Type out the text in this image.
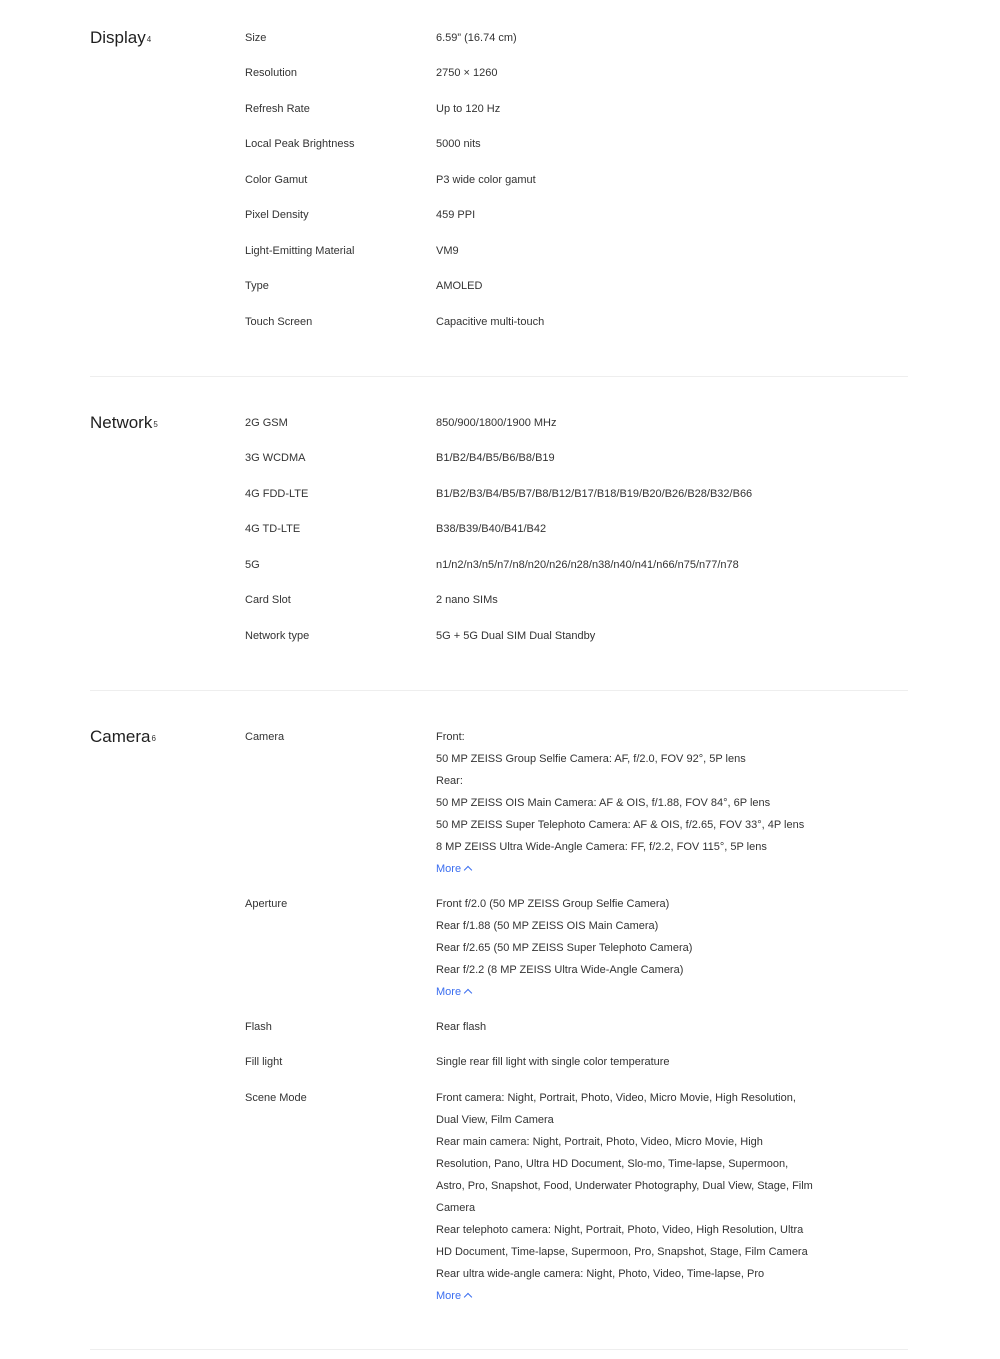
Display$^4$	Size	6.59” (16.74 cm)
Resolution	2750 × 1260
Refresh Rate	Up to 120 Hz
Local Peak Brightness	5000 nits
Color Gamut	P3 wide color gamut
Pixel Density	459 PPI
Light-Emitting Material	VM9
Type	AMOLED
Touch Screen	Capacitive multi-touch
Network$^5$	2G GSM	850/900/1800/1900 MHz
3G WCDMA	B1/B2/B4/B5/B6/B8/B19
4G FDD-LTE	B1/B2/B3/B4/B5/B7/B8/B12/B17/B18/B19/B20/B26/B28/B32/B66
4G TD-LTE	B38/B39/B40/B41/B42
5G	n1/n2/n3/n5/n7/n8/n20/n26/n28/n38/n40/n41/n66/n75/n77/n78
Card Slot	2 nano SIMs
Network type	5G + 5G Dual SIM Dual Standby
Camera$^6$	Camera	Front:
50 MP ZEISS Group Selfie Camera: AF, f/2.0, FOV 92°, 5P lens
Rear:
50 MP ZEISS OIS Main Camera: AF & OIS, f/1.88, FOV 84°, 6P lens
50 MP ZEISS Super Telephoto Camera: AF & OIS, f/2.65, FOV 33°, 4P lens
8 MP ZEISS Ultra Wide-Angle Camera: FF, f/2.2, FOV 115°, 5P lens
More
Aperture	Front f/2.0 (50 MP ZEISS Group Selfie Camera)
Rear f/1.88 (50 MP ZEISS OIS Main Camera)
Rear f/2.65 (50 MP ZEISS Super Telephoto Camera)
Rear f/2.2 (8 MP ZEISS Ultra Wide-Angle Camera)
More
Flash	Rear flash
Fill light	Single rear fill light with single color temperature
Scene Mode	Front camera: Night, Portrait, Photo, Video, Micro Movie, High Resolution, Dual View, Film Camera
Rear main camera: Night, Portrait, Photo, Video, Micro Movie, High Resolution, Pano, Ultra HD Document, Slo-mo, Time-lapse, Supermoon, Astro, Pro, Snapshot, Food, Underwater Photography, Dual View, Stage, Film Camera
Rear telephoto camera: Night, Portrait, Photo, Video, High Resolution, Ultra HD Document, Time-lapse, Supermoon, Pro, Snapshot, Stage, Film Camera
Rear ultra wide-angle camera: Night, Photo, Video, Time-lapse, Pro
More
